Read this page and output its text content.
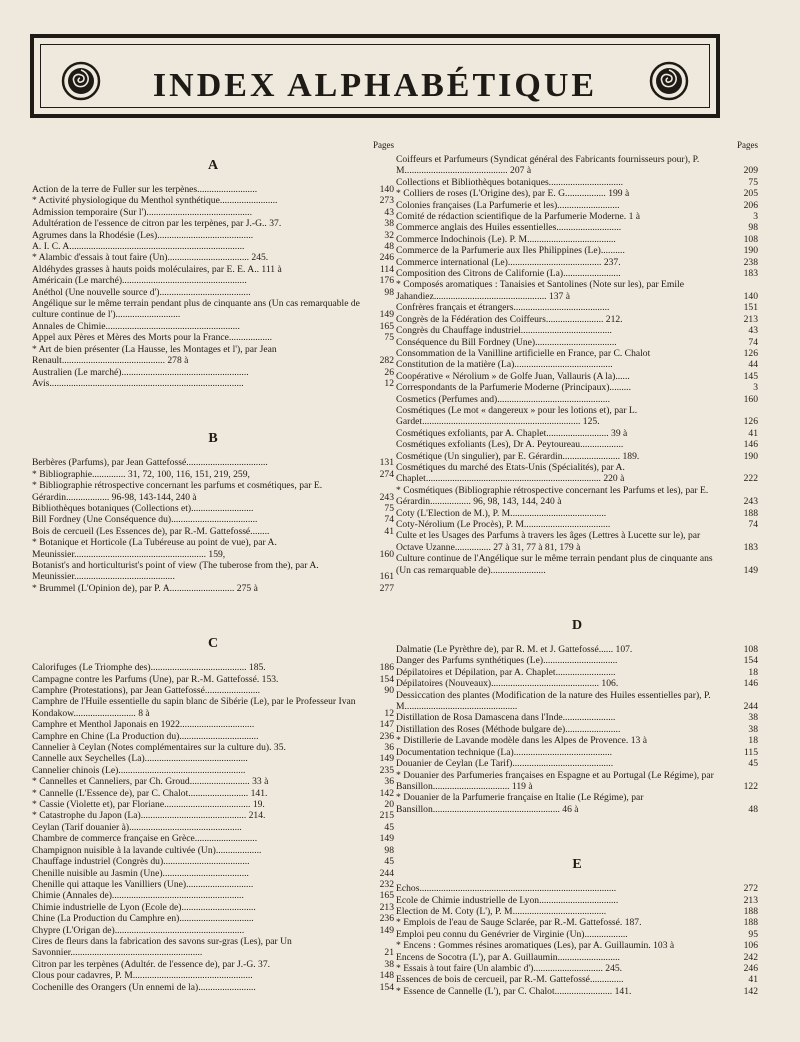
INDEX ALPHABÉTIQUE
Pages
A
Action de la terre de Fuller sur les terpènes.........................	140
* Activité physiologique du Menthol synthétique........................	273
Admission temporaire (Sur l')............................................	43
Adultération de l'essence de citron par les terpènes, par J.-G.. 37.	38
Agrumes dans la Rhodésie (Les)........................................	32
A. I. C. A.........................................................................	48
* Alambic d'essais à tout faire (Un).................................. 245.	246
Aldéhydes grasses à hauts poids moléculaires, par E. E. A.. 111 à	114
Américain (Le marché)....................................................	176
Anéthol (Une nouvelle source d')......................................	98
Angélique sur le même terrain pendant plus de cinquante ans (Un cas remarquable de culture continue de l')...........................	149
Annales de Chimie........................................................	165
Appel aux Pères et Mères des Morts pour la France..................	75
* Art de bien présenter (La Hausse, les Montages et l'), par Jean Renault........................................... 278 à	282
Australien (Le marché).....................................................	26
Avis.................................................................................	12
B
Berbères (Parfums), par Jean Gattefossé..................................	131
* Bibliographie.............. 31, 72, 100, 116, 151, 219, 259,	274
* Bibliographie rétrospective concernant les parfums et cosmétiques, par E. Gérardin.................. 96-98, 143-144, 240 à	243
Bibliothèques botaniques (Collections et)..........................	75
Bill Fordney (Une Conséquence du)....................................	74
Bois de cercueil (Les Essences de), par R.-M. Gattefossé........	41
* Botanique et Horticole (La Tubéreuse au point de vue), par A. Meunissier....................................................... 159,	160
Botanist's and horticulturist's point of view (The tuberose from the), par A. Meunissier..........................................	161
* Brummel (L'Opinion de), par P. A........................... 275 à	277
C
Calorifuges (Le Triomphe des)........................................ 185.	186
Campagne contre les Parfums (Une), par R.-M. Gattefossé. 153.	154
Camphre (Protestations), par Jean Gattefossé.......................	90
Camphre de l'Huile essentielle du sapin blanc de Sibérie (Le), par le Professeur Ivan Kondakow.......................... 8 à	12
Camphre et Menthol Japonais en 1922...............................	147
Camphre en Chine (La Production du).................................	236
Cannelier à Ceylan (Notes complémentaires sur la culture du). 35.	36
Cannelle aux Seychelles (La)...........................................	149
Cannelier chinois (Le).....................................................	235
* Cannelles et Canneliers, par Ch. Groud......................... 33 à	36
* Cannelle (L'Essence de), par C. Chalot......................... 141.	142
* Cassie (Violette et), par Floriane.................................... 19.	20
* Catastrophe du Japon (La)............................................ 214.	215
Ceylan (Tarif douanier à)...............................................	45
Chambre de commerce française en Grèce..........................	149
Champignon nuisible à la lavande cultivée (Un)...................	98
Chauffage industriel (Congrès du)....................................	45
Chenille nuisible au Jasmin (Une)....................................	244
Chenille qui attaque les Vanilliers (Une)............................	232
Chimie (Annales de).......................................................	165
Chimie industrielle de Lyon (Ecole de)...............................	213
Chine (La Production du Camphre en)...............................	236
Chypre (L'Origan de)......................................................	149
Cires de fleurs dans la fabrication des savons sur-gras (Les), par Un Savonnier.......................................................	21
Citron par les terpènes (Adultér. de l'essence de), par J.-G. 37.	38
Clous pour cadavres, P. M..................................................	148
Cochenille des Orangers (Un ennemi de la)........................	154
Pages
Coiffeurs et Parfumeurs (Syndicat général des Fabricants fournisseurs pour), P. M........................................... 207 à	209
Collections et Bibliothèques botaniques...............................	75
* Colliers de roses (L'Origine des), par E. G................. 199 à	205
Colonies françaises (La Parfumerie et les)..........................	206
Comité de rédaction scientifique de la Parfumerie Moderne. 1 à	3
Commerce anglais des Huiles essentielles...........................	98
Commerce Indochinois (Le). P. M.....................................	108
Commerce de la Parfumerie aux Iles Philippines (Le)..........	190
Commerce international (Le)....................................... 237.	238
Composition des Citrons de Californie (La)........................	183
* Composés aromatiques : Tanaisies et Santolines (Note sur les), par Emile Jahandiez............................................... 137 à	140
Confrères français et étrangers........................................	151
Congrès de la Fédération des Coiffeurs........................ 212.	213
Congrès du Chauffage industriel......................................	43
Conséquence du Bill Fordney (Une)..................................	74
Consommation de la Vanilline artificielle en France, par C. Chalot	126
Constitution de la matière (La).........................................	44
Coopérative « Nérolium » de Golfe Juan, Vallauris (A la)......	145
Correspondants de la Parfumerie Moderne (Principaux).........	3
Cosmetics (Perfumes and)...............................................	160
Cosmétiques (Le mot « dangereux » pour les lotions et), par L. Gardet.................................................................. 125.	126
Cosmétiques exfoliants, par A. Chaplet.......................... 39 à	41
Cosmétiques exfoliants (Les), Dr A. Peytoureau..................	146
Cosmétique (Un singulier), par E. Gérardin........................ 189.	190
Cosmétiques du marché des Etats-Unis (Spécialités), par A. Chaplet......................................................................... 220 à	222
* Cosmétiques (Bibliographie rétrospective concernant les Parfums et les), par E. Gérardin................. 96, 98, 143, 144, 240 à	243
Coty (L'Election de M.), P. M........................................	188
Coty-Nérolium (Le Procès), P. M....................................	74
Culte et les Usages des Parfums à travers les âges (Lettres à Lucette sur le), par Octave Uzanne............... 27 à 31, 77 à 81, 179 à	183
Culture continue de l'Angélique sur le même terrain pendant plus de cinquante ans (Un cas remarquable de).......................	149
D
Dalmatie (Le Pyrèthre de), par R. M. et J. Gattefossé...... 107.	108
Danger des Parfums synthétiques (Le)...............................	154
Dépilatoires et Dépilation, par A. Chaplet.........................	18
Dépilatoires (Nouveaux)............................................. 106.	146
Dessiccation des plantes (Modification de la nature des Huiles essentielles par), P. M...............................................	244
Distillation de Rosa Damascena dans l'Inde......................	38
Distillation des Roses (Méthode bulgare de).......................	38
* Distillerie de Lavande modèle dans les Alpes de Provence. 13 à	18
Documentation technique (La).........................................	115
Douanier de Ceylan (Le Tarif)..........................................	45
* Douanier des Parfumeries françaises en Espagne et au Portugal (Le Régime), par Bansillon................................ 119 à	122
* Douanier de la Parfumerie française en Italie (Le Régime), par Bansillon..................................................... 46 à	48
E
Echos..................................................................................	272
Ecole de Chimie industrielle de Lyon.................................	213
Election de M. Coty (L'), P. M.......................................	188
* Emplois de l'eau de Sauge Sclarée, par R.-M. Gattefossé. 187.	188
Emploi peu connu du Genévrier de Virginie (Un)..................	95
* Encens : Gommes résines aromatiques (Les), par A. Guillaumin. 103 à	106
Encens de Socotra (L'), par A. Guillaumin..........................	242
* Essais à tout faire (Un alambic d')............................. 245.	246
Essences de bois de cercueil, par R.-M. Gattefossé..............	41
* Essence de Cannelle (L'), par C. Chalot........................ 141.	142
